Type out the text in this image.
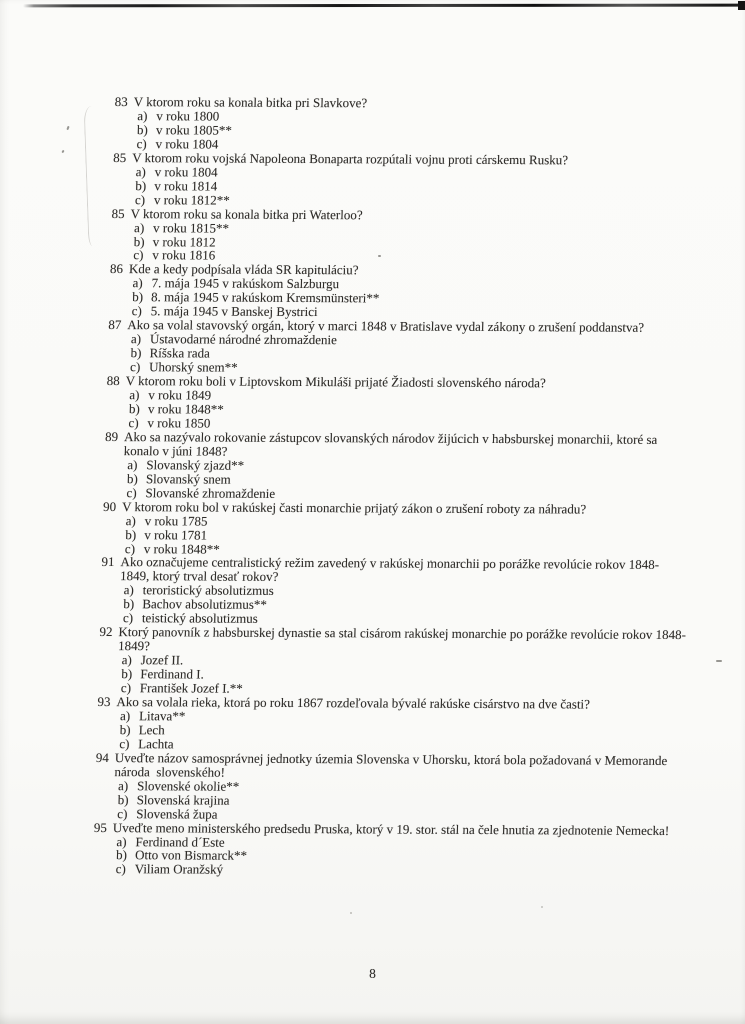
83 V ktorom roku sa konala bitka pri Slavkove?
a) v roku 1800
b) v roku 1805**
c) v roku 1804
85 V ktorom roku vojská Napoleona Bonaparta rozpútali vojnu proti cárskemu Rusku?
a) v roku 1804
b) v roku 1814
c) v roku 1812**
85 V ktorom roku sa konala bitka pri Waterloo?
a) v roku 1815**
b) v roku 1812
c) v roku 1816
86 Kde a kedy podpísala vláda SR kapituláciu?
a) 7. mája 1945 v rakúskom Salzburgu
b) 8. mája 1945 v rakúskom Kremsmünsteri**
c) 5. mája 1945 v Banskej Bystrici
87 Ako sa volal stavovský orgán, ktorý v marci 1848 v Bratislave vydal zákony o zrušení poddanstva?
a) Ústavodarné národné zhromaždenie
b) Ríšska rada
c) Uhorský snem**
88 V ktorom roku boli v Liptovskom Mikuláši prijaté Žiadosti slovenského národa?
a) v roku 1849
b) v roku 1848**
c) v roku 1850
89 Ako sa nazývalo rokovanie zástupcov slovanských národov žijúcich v habsburskej monarchii, ktoré sa
konalo v júni 1848?
a) Slovanský zjazd**
b) Slovanský snem
c) Slovanské zhromaždenie
90 V ktorom roku bol v rakúskej časti monarchie prijatý zákon o zrušení roboty za náhradu?
a) v roku 1785
b) v roku 1781
c) v roku 1848**
91 Ako označujeme centralistický režim zavedený v rakúskej monarchii po porážke revolúcie rokov 1848-
1849, ktorý trval desať rokov?
a) teroristický absolutizmus
b) Bachov absolutizmus**
c) teistický absolutizmus
92 Ktorý panovník z habsburskej dynastie sa stal cisárom rakúskej monarchie po porážke revolúcie rokov 1848-
1849?
a) Jozef II.
b) Ferdinand I.
c) František Jozef I.**
93 Ako sa volala rieka, ktorá po roku 1867 rozdeľovala bývalé rakúske cisárstvo na dve časti?
a) Litava**
b) Lech
c) Lachta
94 Uveďte názov samosprávnej jednotky územia Slovenska v Uhorsku, ktorá bola požadovaná v Memorande
národa  slovenského!
a) Slovenské okolie**
b) Slovenská krajina
c) Slovenská župa
95 Uveďte meno ministerského predsedu Pruska, ktorý v 19. stor. stál na čele hnutia za zjednotenie Nemecka!
a) Ferdinand d´Este
b) Otto von Bismarck**
c) Viliam Oranžský
8
